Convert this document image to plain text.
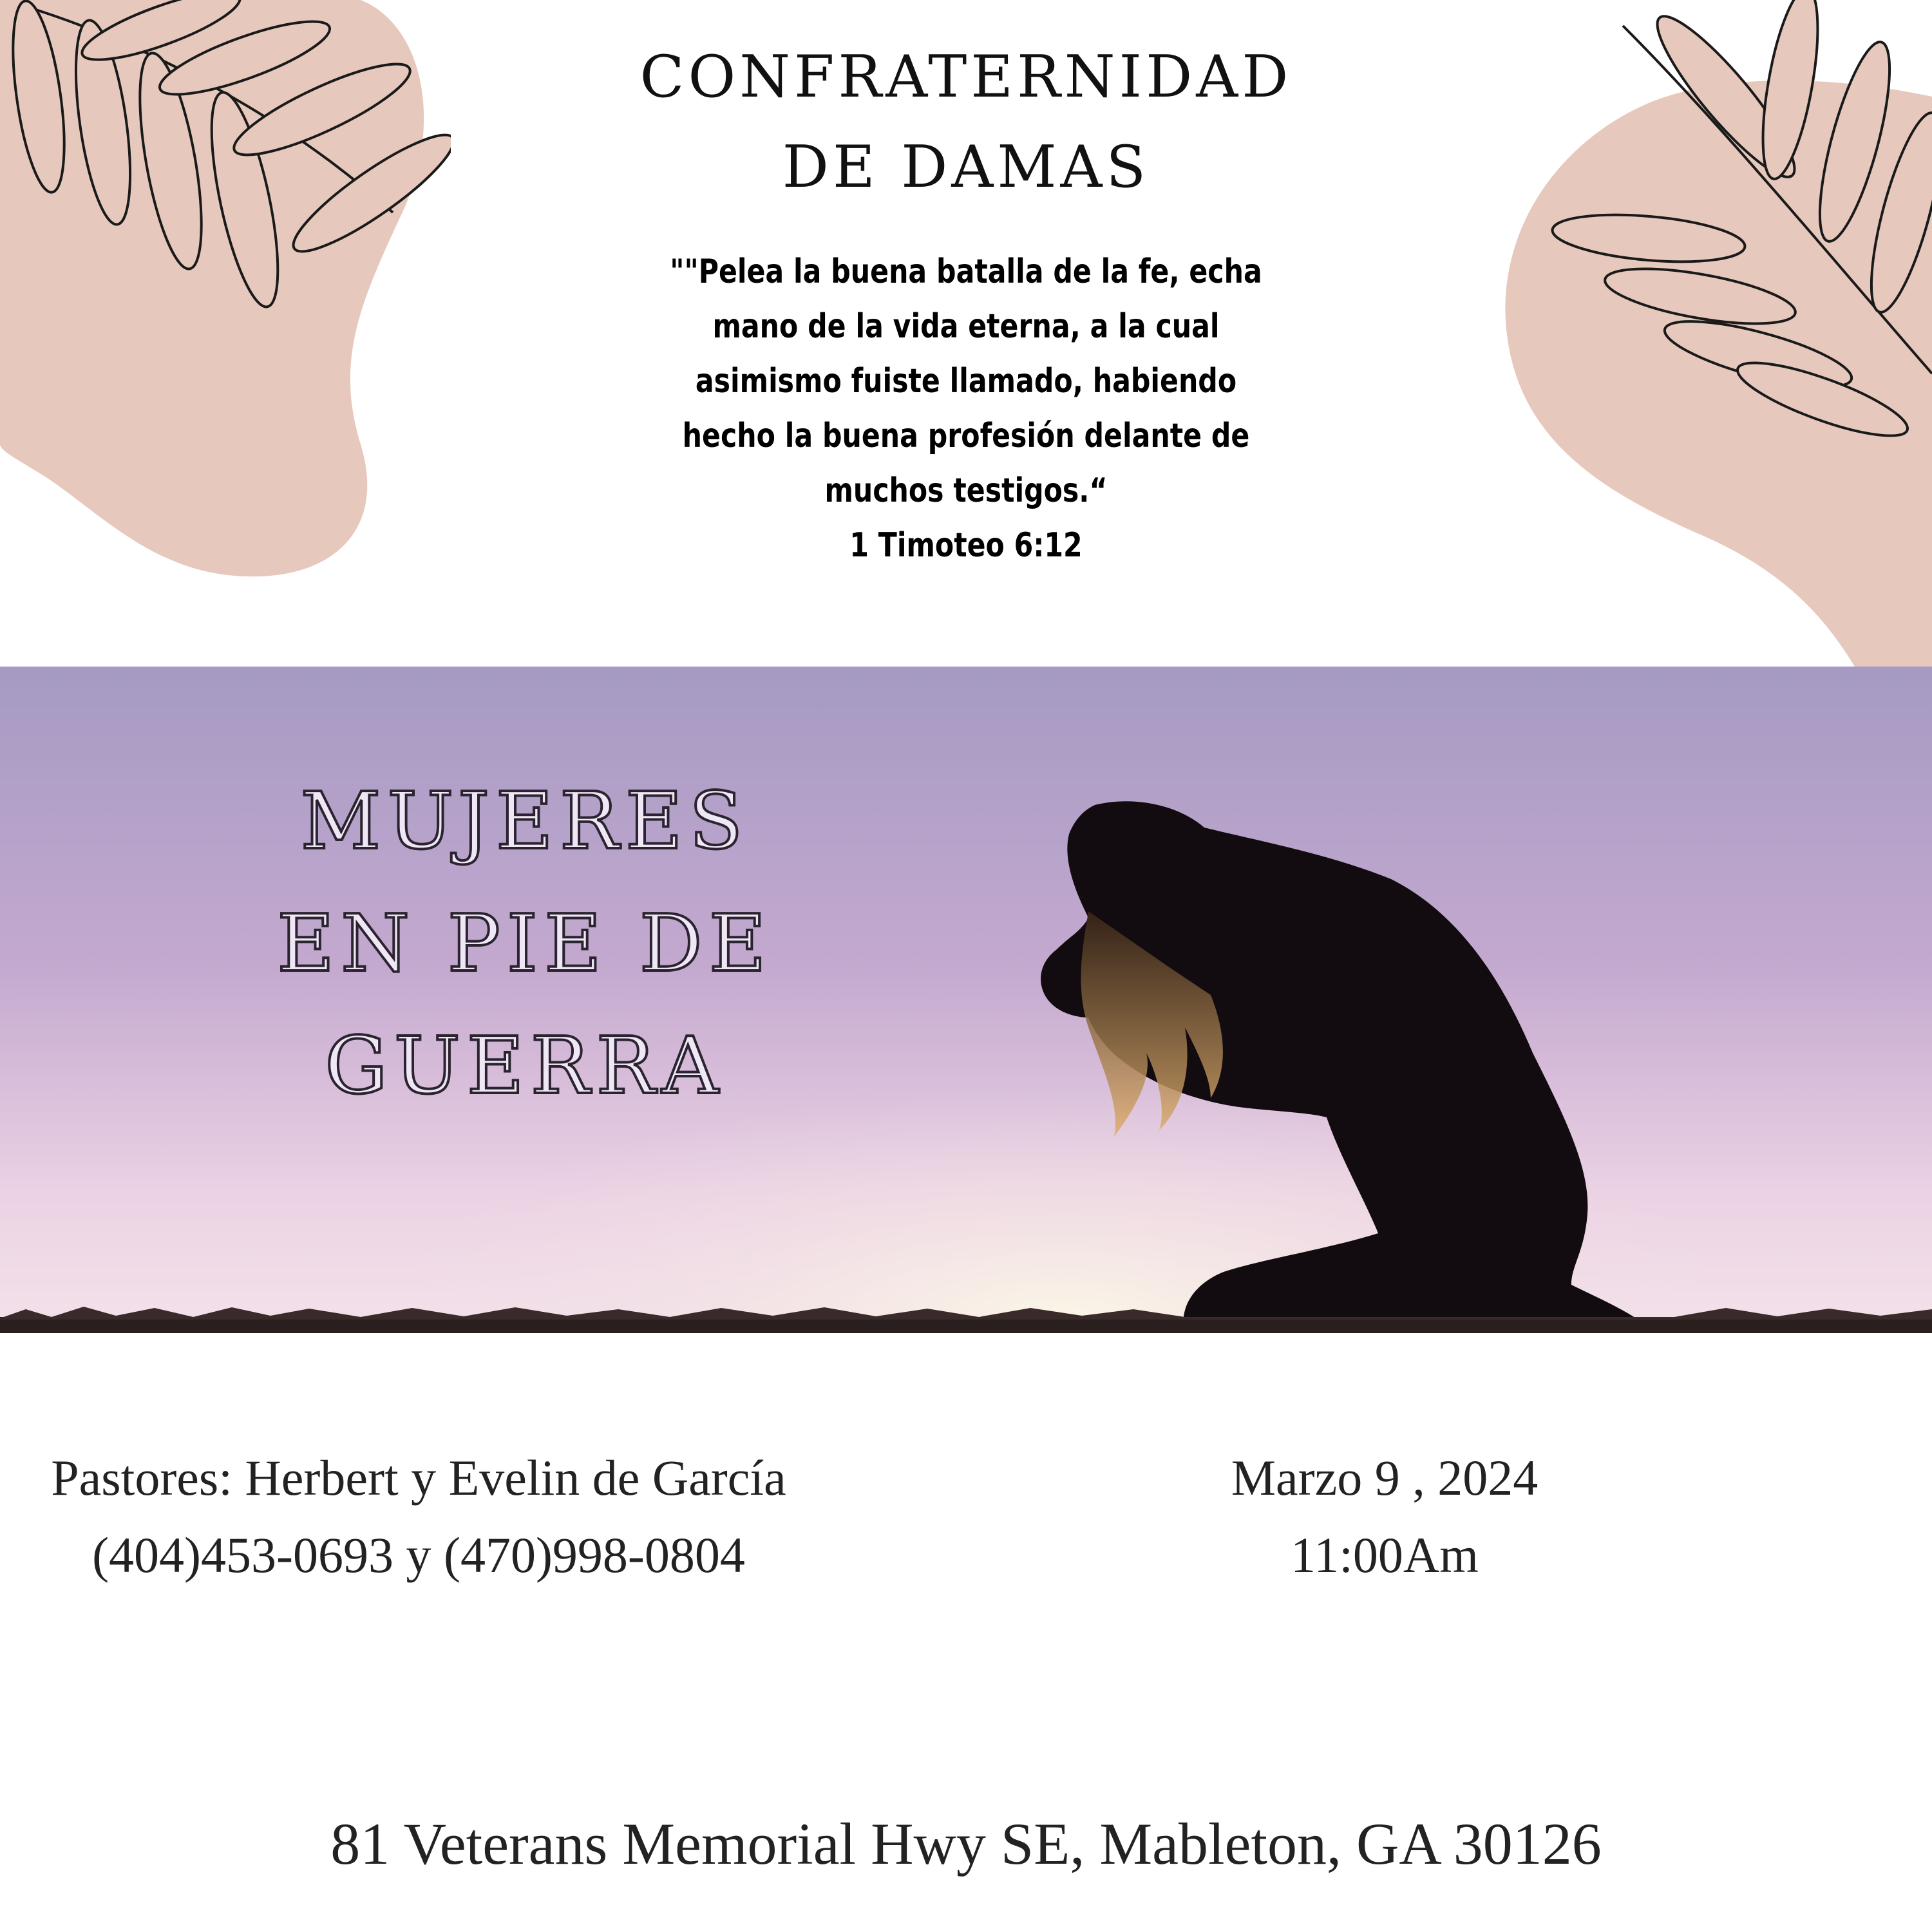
CONFRATERNIDAD
DE DAMAS
""Pelea la buena batalla de la fe, echa
mano de la vida eterna, a la cual
asimismo fuiste llamado, habiendo
hecho la buena profesión delante de
muchos testigos.“
1 Timoteo 6:12
MUJERES
EN PIE DE GUERRA
Pastores: Herbert y Evelin de García
(404)453-0693 y (470)998-0804
Marzo 9 , 2024
11:00Am
81 Veterans Memorial Hwy SE, Mableton, GA 30126
